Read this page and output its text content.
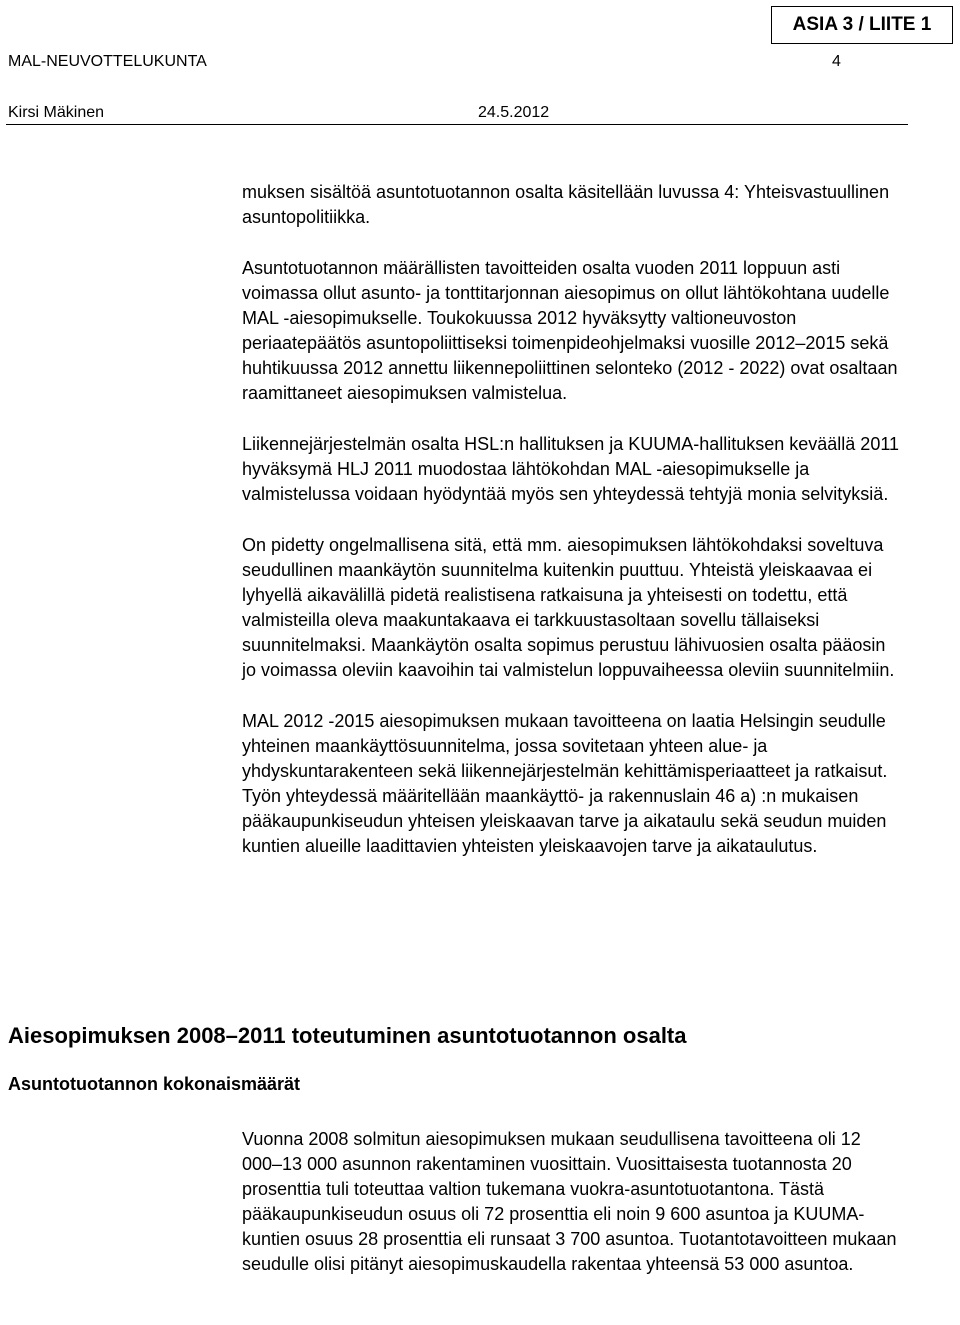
ASIA 3 / LIITE 1
MAL-NEUVOTTELUKUNTA	4
Kirsi Mäkinen	24.5.2012

muksen sisältöä asuntotuotannon osalta käsitellään luvussa 4: Yhteisvastuullinen asuntopolitiikka.

Asuntotuotannon määrällisten tavoitteiden osalta vuoden 2011 loppuun asti voimassa ollut asunto- ja tonttitarjonnan aiesopimus on ollut lähtökohtana uudelle MAL -aiesopimukselle. Toukokuussa 2012 hyväksytty valtioneuvoston periaatepäätös asuntopoliittiseksi toimenpideohjelmaksi vuosille 2012–2015 sekä huhtikuussa 2012 annettu liikennepoliittinen selonteko (2012 - 2022) ovat osaltaan raamittaneet aiesopimuksen valmistelua.

Liikennejärjestelmän osalta HSL:n hallituksen ja KUUMA-hallituksen keväällä 2011 hyväksymä HLJ 2011 muodostaa lähtökohdan MAL -aiesopimukselle ja valmistelussa voidaan hyödyntää myös sen yhteydessä tehtyjä monia selvityksiä.

On pidetty ongelmallisena sitä, että mm. aiesopimuksen lähtökohdaksi soveltuva seudullinen maankäytön suunnitelma kuitenkin puuttuu. Yhteistä yleiskaavaa ei lyhyellä aikavälillä pidetä realistisena ratkaisuna ja yhteisesti on todettu, että valmisteilla oleva maakuntakaava ei tarkkuustasoltaan sovellu tällaiseksi suunnitelmaksi. Maankäytön osalta sopimus perustuu lähivuosien osalta pääosin jo voimassa oleviin kaavoihin tai valmistelun loppuvaiheessa oleviin suunnitelmiin.

MAL 2012 -2015 aiesopimuksen mukaan tavoitteena on laatia Helsingin seudulle yhteinen maankäyttösuunnitelma, jossa sovitetaan yhteen alue- ja yhdyskuntarakenteen sekä liikennejärjestelmän kehittämisperiaatteet ja ratkaisut. Työn yhteydessä määritellään maankäyttö- ja rakennuslain 46 a) :n mukaisen pääkaupunkiseudun yhteisen yleiskaavan tarve ja aikataulu sekä seudun muiden kuntien alueille laadittavien yhteisten yleiskaavojen tarve ja aikataulutus.

Aiesopimuksen 2008–2011 toteutuminen asuntotuotannon osalta
Asuntotuotannon kokonaismäärät

Vuonna 2008 solmitun aiesopimuksen mukaan seudullisena tavoitteena oli 12 000–13 000 asunnon rakentaminen vuosittain. Vuosittaisesta tuotannosta 20 prosenttia tuli toteuttaa valtion tukemana vuokra-asuntotuotantona. Tästä pääkaupunkiseudun osuus oli 72 prosenttia eli noin 9 600 asuntoa ja KUUMA-kuntien osuus 28 prosenttia eli runsaat 3 700 asuntoa. Tuotantotavoitteen mukaan seudulle olisi pitänyt aiesopimuskaudella rakentaa yhteensä 53 000 asuntoa.
